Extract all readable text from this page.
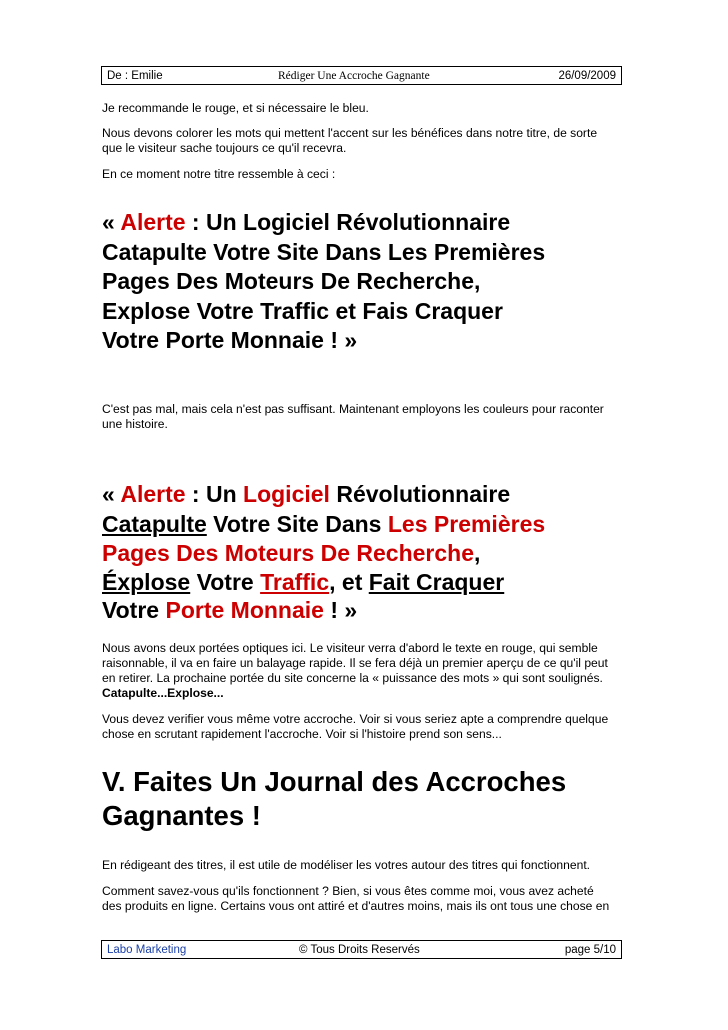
De : Emilie	Rédiger Une Accroche Gagnante	26/09/2009

Je recommande le rouge, et si nécessaire le bleu.

Nous devons colorer les mots qui mettent l'accent sur les bénéfices dans notre titre, de sorte

que le visiteur sache toujours ce qu'il recevra.

En ce moment notre titre ressemble à ceci :

« Alerte : Un Logiciel Révolutionnaire

Catapulte Votre Site Dans Les Premières

Pages Des Moteurs De Recherche,

Explose Votre Traffic et Fais Craquer

Votre Porte Monnaie ! »

C'est pas mal, mais cela n'est pas suffisant. Maintenant employons les couleurs pour raconter

une histoire.

« Alerte : Un Logiciel Révolutionnaire

Catapulte Votre Site Dans Les Premières

Pages Des Moteurs De Recherche,

Éxplose Votre Traffic, et Fait Craquer

Votre Porte Monnaie ! »

Nous avons deux portées optiques ici. Le visiteur verra d'abord le texte en rouge, qui semble

raisonnable, il va en faire un balayage rapide. Il se fera déjà un premier aperçu de ce qu'il peut

en retirer. La prochaine portée du site concerne la « puissance des mots » qui sont soulignés.

Catapulte...Explose...

Vous devez verifier vous même votre accroche. Voir si vous seriez apte a comprendre quelque

chose en scrutant rapidement l'accroche. Voir si l'histoire prend son sens...

V. Faites Un Journal des Accroches

Gagnantes !

En rédigeant des titres, il est utile de modéliser les votres autour des titres qui fonctionnent.

Comment savez-vous qu'ils fonctionnent ? Bien, si vous êtes comme moi, vous avez acheté

des produits en ligne. Certains vous ont attiré et d'autres moins, mais ils ont tous une chose en

Labo Marketing	© Tous Droits Reservés	page 5/10
